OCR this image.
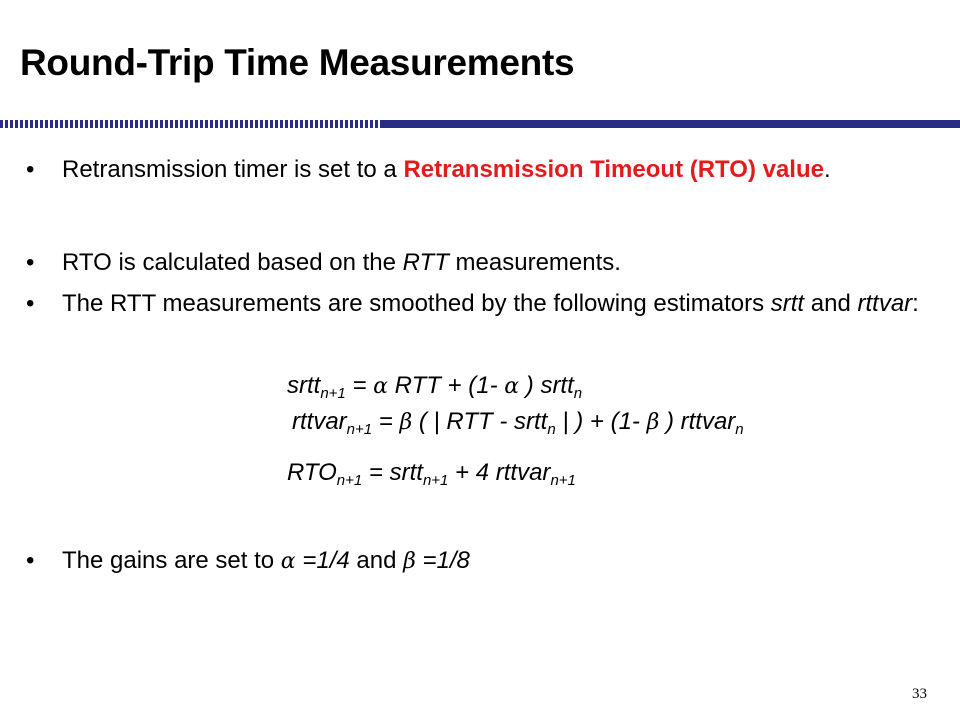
Round-Trip Time Measurements
• Retransmission timer is set to a Retransmission Timeout (RTO) value.
• RTO is calculated based on the RTT measurements.
• The RTT measurements are smoothed by the following estimators srtt and rttvar:
srtt$_{n+1}$ = α RTT + (1- α ) srtt$_n$
rttvar$_{n+1}$ = β ( | RTT - srtt$_n$ | ) + (1- β ) rttvar$_n$
$RTO_{n+1}$ = srtt$_{n+1}$ + 4 rttvar$_{n+1}$
• The gains are set to α =1/4 and β =1/8
33
